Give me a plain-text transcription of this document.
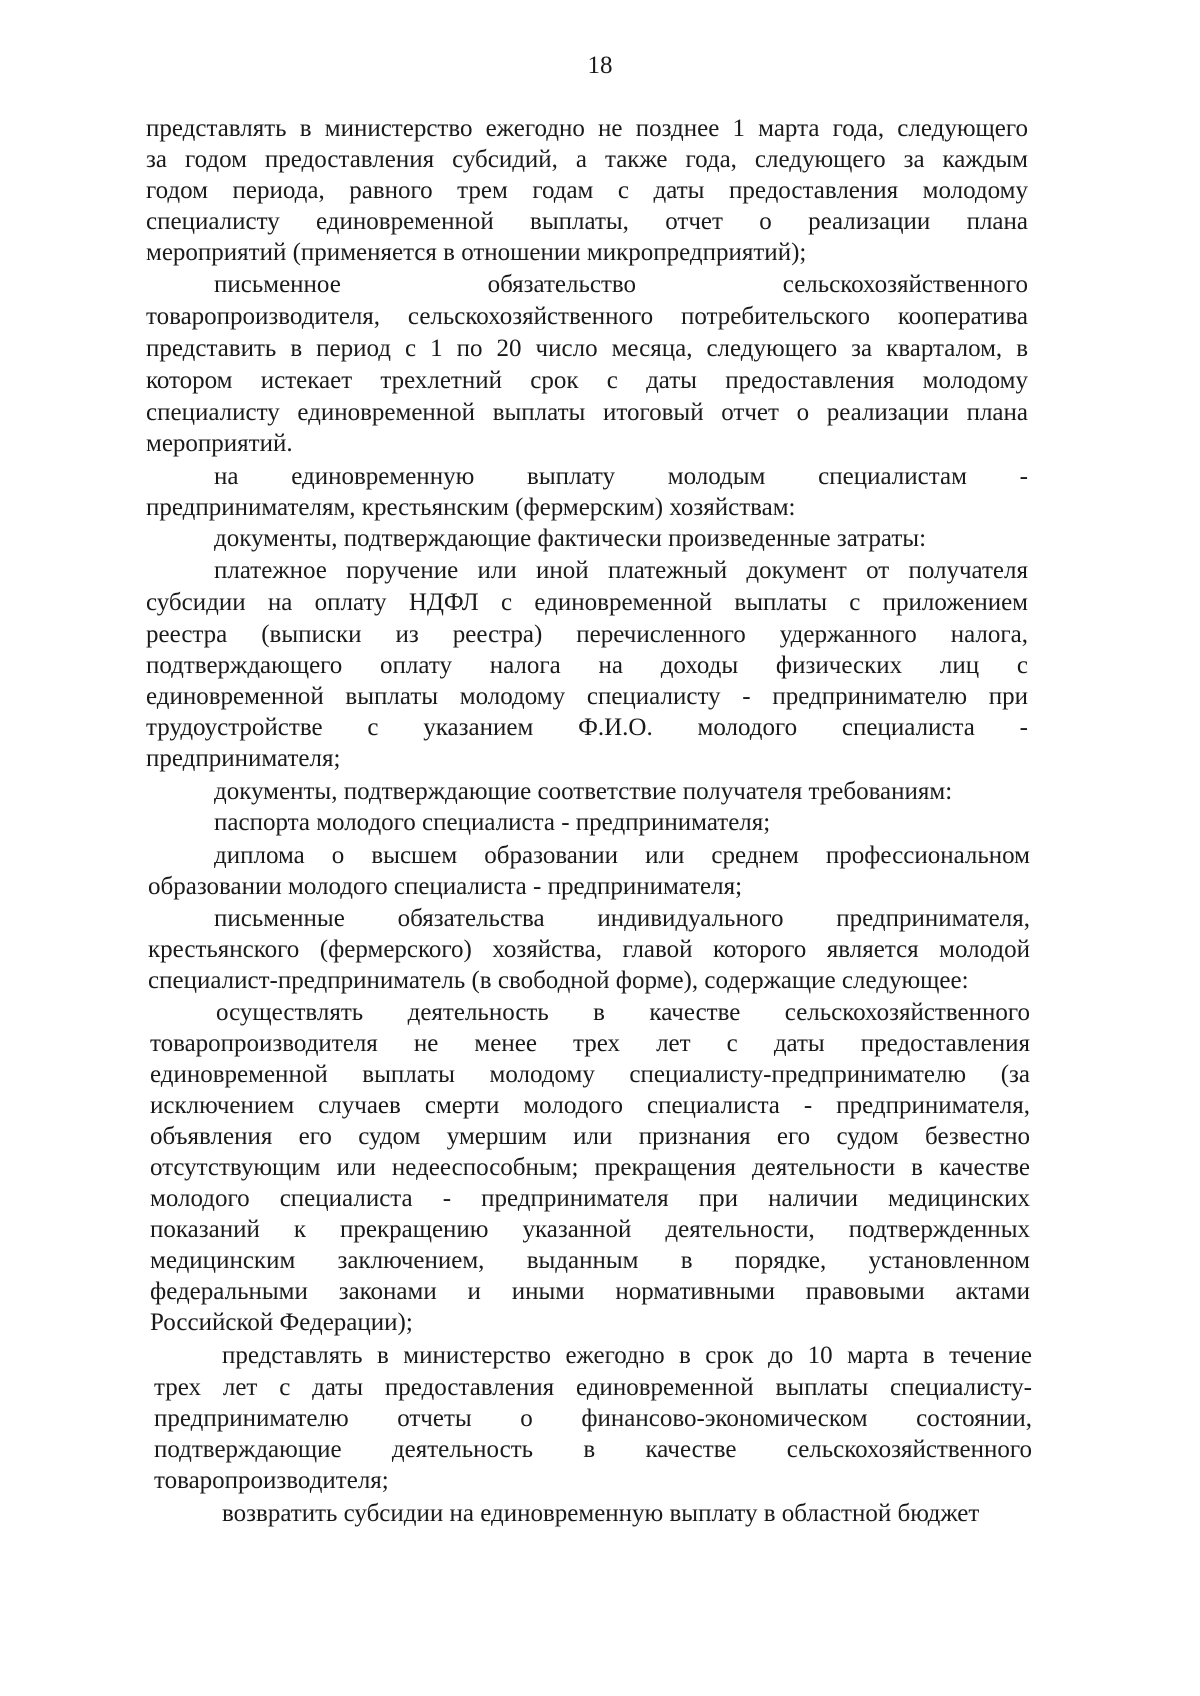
18
представлять в министерство ежегодно не позднее 1 марта года, следующего
за годом предоставления субсидий, а также года, следующего за каждым
годом периода, равного трем годам с даты предоставления молодому
специалисту единовременной выплаты, отчет о реализации плана
мероприятий (применяется в отношении микропредприятий);
письменное обязательство сельскохозяйственного
товаропроизводителя, сельскохозяйственного потребительского кооператива
представить в период с 1 по 20 число месяца, следующего за кварталом, в
котором истекает трехлетний срок с даты предоставления молодому
специалисту единовременной выплаты итоговый отчет о реализации плана
мероприятий.
на единовременную выплату молодым специалистам -
предпринимателям, крестьянским (фермерским) хозяйствам:
документы, подтверждающие фактически произведенные затраты:
платежное поручение или иной платежный документ от получателя
субсидии на оплату НДФЛ с единовременной выплаты с приложением
реестра (выписки из реестра) перечисленного удержанного налога,
подтверждающего оплату налога на доходы физических лиц с
единовременной выплаты молодому специалисту - предпринимателю при
трудоустройстве с указанием Ф.И.О. молодого специалиста -
предпринимателя;
документы, подтверждающие соответствие получателя требованиям:
паспорта молодого специалиста - предпринимателя;
диплома о высшем образовании или среднем профессиональном
образовании молодого специалиста - предпринимателя;
письменные обязательства индивидуального предпринимателя,
крестьянского (фермерского) хозяйства, главой которого является молодой
специалист-предприниматель (в свободной форме), содержащие следующее:
осуществлять деятельность в качестве сельскохозяйственного
товаропроизводителя не менее трех лет с даты предоставления
единовременной выплаты молодому специалисту-предпринимателю (за
исключением случаев смерти молодого специалиста - предпринимателя,
объявления его судом умершим или признания его судом безвестно
отсутствующим или недееспособным; прекращения деятельности в качестве
молодого специалиста - предпринимателя при наличии медицинских
показаний к прекращению указанной деятельности, подтвержденных
медицинским заключением, выданным в порядке, установленном
федеральными законами и иными нормативными правовыми актами
Российской Федерации);
представлять в министерство ежегодно в срок до 10 марта в течение
трех лет с даты предоставления единовременной выплаты специалисту-
предпринимателю отчеты о финансово-экономическом состоянии,
подтверждающие деятельность в качестве сельскохозяйственного
товаропроизводителя;
возвратить субсидии на единовременную выплату в областной бюджет
